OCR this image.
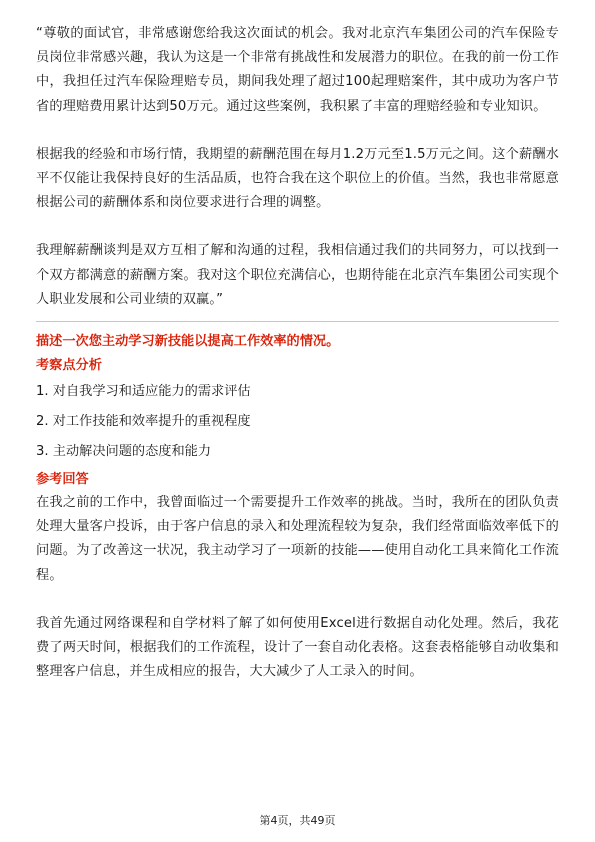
“尊敬的面试官，非常感谢您给我这次面试的机会。我对北京汽车集团公司的汽车保险专员岗位非常感兴趣，我认为这是一个非常有挑战性和发展潜力的职位。在我的前一份工作中，我担任过汽车保险理赔专员，期间我处理了超过100起理赔案件，其中成功为客户节省的理赔费用累计达到50万元。通过这些案例，我积累了丰富的理赔经验和专业知识。

根据我的经验和市场行情，我期望的薪酬范围在每月1.2万元至1.5万元之间。这个薪酬水平不仅能让我保持良好的生活品质，也符合我在这个职位上的价值。当然，我也非常愿意根据公司的薪酬体系和岗位要求进行合理的调整。

我理解薪酬谈判是双方互相了解和沟通的过程，我相信通过我们的共同努力，可以找到一个双方都满意的薪酬方案。我对这个职位充满信心，也期待能在北京汽车集团公司实现个人职业发展和公司业绩的双赢。”

描述一次您主动学习新技能以提高工作效率的情况。

考察点分析

1. 对自我学习和适应能力的需求评估
2. 对工作技能和效率提升的重视程度
3. 主动解决问题的态度和能力

参考回答

在我之前的工作中，我曾面临过一个需要提升工作效率的挑战。当时，我所在的团队负责处理大量客户投诉，由于客户信息的录入和处理流程较为复杂，我们经常面临效率低下的问题。为了改善这一状况，我主动学习了一项新的技能——使用自动化工具来简化工作流程。

我首先通过网络课程和自学材料了解了如何使用Excel进行数据自动化处理。然后，我花费了两天时间，根据我们的工作流程，设计了一套自动化表格。这套表格能够自动收集和整理客户信息，并生成相应的报告，大大减少了人工录入的时间。

第4页，共49页
